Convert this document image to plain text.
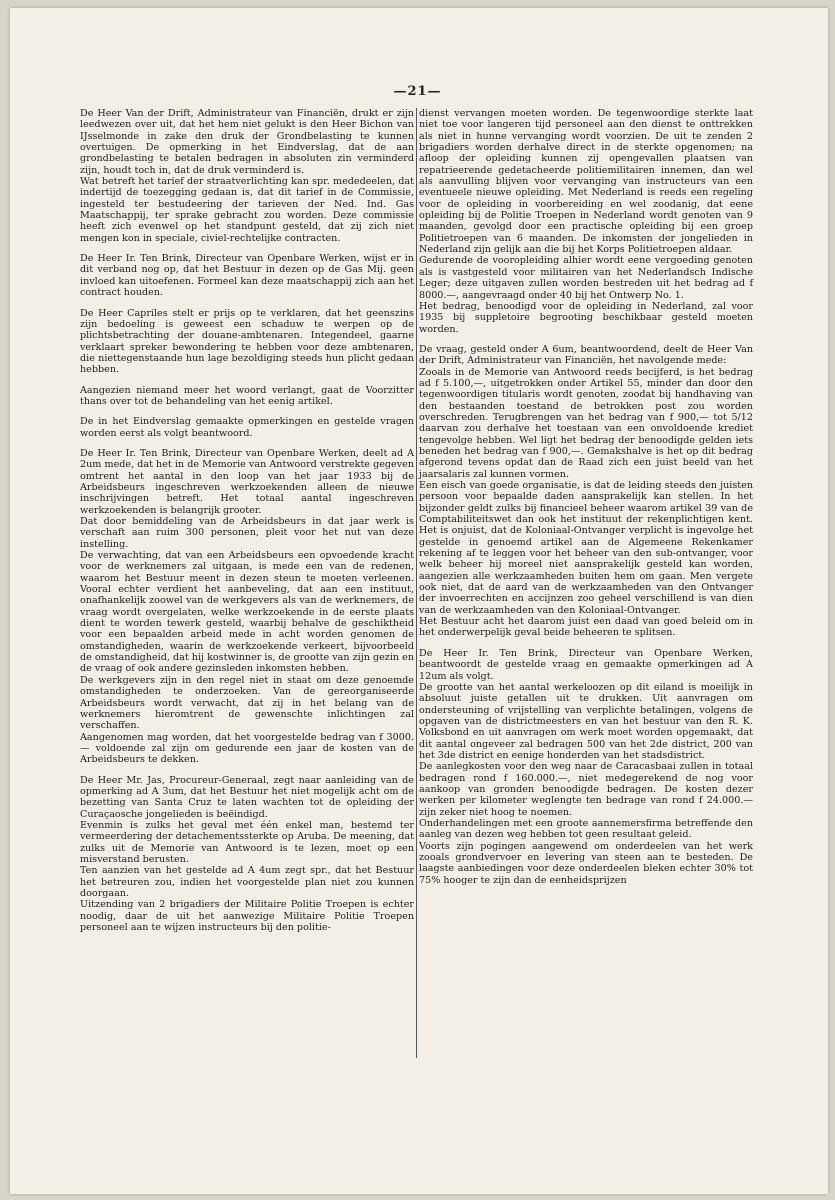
—21—

De Heer Van der Drift, Administrateur van Financiën, drukt er zijn leedwezen over uit, dat het hem niet gelukt is den Heer Bichon van IJsselmonde in zake den druk der Grondbelasting te kunnen overtuigen. De opmerking in het Eindverslag, dat de aan grondbelasting te betalen bedragen in absoluten zin verminderd zijn, houdt toch in, dat de druk verminderd is.

Wat betreft het tarief der straatverlichting kan spr. mededeelen, dat indertijd de toezegging gedaan is, dat dit tarief in de Commissie, ingesteld ter bestudeering der tarieven der Ned. Ind. Gas Maatschappij, ter sprake gebracht zou worden. Deze commissie heeft zich evenwel op het standpunt gesteld, dat zij zich niet mengen kon in speciale, civiel-rechtelijke contracten.

De Heer Ir. Ten Brink, Directeur van Openbare Werken, wijst er in dit verband nog op, dat het Bestuur in dezen op de Gas Mij. geen invloed kan uitoefenen. Formeel kan deze maatschappij zich aan het contract houden.

De Heer Capriles stelt er prijs op te verklaren, dat het geenszins zijn bedoeling is geweest een schaduw te werpen op de plichtsbetrachting der douane-ambtenaren. Integendeel, gaarne verklaart spreker bewondering te hebben voor deze ambtenaren, die niettegenstaande hun lage bezoldiging steeds hun plicht gedaan hebben.

Aangezien niemand meer het woord verlangt, gaat de Voorzitter thans over tot de behandeling van het eenig artikel.

De in het Eindverslag gemaakte opmerkingen en gestelde vragen worden eerst als volgt beantwoord.

De Heer Ir. Ten Brink, Directeur van Openbare Werken, deelt ad A 2um mede, dat het in de Memorie van Antwoord verstrekte gegeven omtrent het aantal in den loop van het jaar 1933 bij de Arbeidsbeurs ingeschreven werkzoekenden alleen de nieuwe inschrijvingen betreft. Het totaal aantal ingeschreven werkzoekenden is belangrijk grooter.

Dat door bemiddeling van de Arbeidsbeurs in dat jaar werk is verschaft aan ruim 300 personen, pleit voor het nut van deze instelling.

De verwachting, dat van een Arbeidsbeurs een opvoedende kracht voor de werknemers zal uitgaan, is mede een van de redenen, waarom het Bestuur meent in dezen steun te moeten verleenen. Vooral echter verdient het aanbeveling, dat aan een instituut, onafhankelijk zoowel van de werkgevers als van de werknemers, de vraag wordt overgelaten, welke werkzoekende in de eerste plaats dient te worden tewerk gesteld, waarbij behalve de geschiktheid voor een bepaalden arbeid mede in acht worden genomen de omstandigheden, waarin de werkzoekende verkeert, bijvoorbeeld de omstandigheid, dat hij kostwinner is, de grootte van zijn gezin en de vraag of ook andere gezinsleden inkomsten hebben.

De werkgevers zijn in den regel niet in staat om deze genoemde omstandigheden te onderzoeken. Van de gereorganiseerde Arbeidsbeurs wordt verwacht, dat zij in het belang van de werknemers hieromtrent de gewenschte inlichtingen zal verschaffen.

Aangenomen mag worden, dat het voorgestelde bedrag van f 3000.— voldoende zal zijn om gedurende een jaar de kosten van de Arbeidsbeurs te dekken.

De Heer Mr. Jas, Procureur-Generaal, zegt naar aanleiding van de opmerking ad A 3um, dat het Bestuur het niet mogelijk acht om de bezetting van Santa Cruz te laten wachten tot de opleiding der Curaçaosche jongelieden is beëindigd.

Evenmin is zulks het geval met één enkel man, bestemd ter vermeerdering der detachementssterkte op Aruba. De meening, dat zulks uit de Memorie van Antwoord is te lezen, moet op een misverstand berusten.

Ten aanzien van het gestelde ad A 4um zegt spr., dat het Bestuur het betreuren zou, indien het voorgestelde plan niet zou kunnen doorgaan.

Uitzending van 2 brigadiers der Militaire Politie Troepen is echter noodig, daar de uit het aanwezige Militaire Politie Troepen personeel aan te wijzen instructeurs bij den politie-

dienst vervangen moeten worden. De tegenwoordige sterkte laat niet toe voor langeren tijd personeel aan den dienst te onttrekken als niet in hunne vervanging wordt voorzien. De uit te zenden 2 brigadiers worden derhalve direct in de sterkte opgenomen; na afloop der opleiding kunnen zij opengevallen plaatsen van repatrieerende gedetacheerde politiemilitairen innemen, dan wel als aanvulling blijven voor vervanging van instructeurs van een eventueele nieuwe opleiding. Met Nederland is reeds een regeling voor de opleiding in voorbereiding en wel zoodanig, dat eene opleiding bij de Politie Troepen in Nederland wordt genoten van 9 maanden, gevolgd door een practische opleiding bij een groep Politietroepen van 6 maanden. De inkomsten der jongelieden in Nederland zijn gelijk aan die bij het Korps Politietroepen aldaar.

Gedurende de vooropleiding alhier wordt eene vergoeding genoten als is vastgesteld voor militairen van het Nederlandsch Indische Leger; deze uitgaven zullen worden bestreden uit het bedrag ad f 8000.—, aangevraagd onder 40 bij het Ontwerp No. 1.

Het bedrag, benoodigd voor de opleiding in Nederland, zal voor 1935 bij suppletoire begrooting beschikbaar gesteld moeten worden.

De vraag, gesteld onder A 6um, beantwoordend, deelt de Heer Van der Drift, Administrateur van Financiën, het navolgende mede:

Zooals in de Memorie van Antwoord reeds becijferd, is het bedrag ad f 5.100,—, uitgetrokken onder Artikel 55, minder dan door den tegenwoordigen titularis wordt genoten, zoodat bij handhaving van den bestaanden toestand de betrokken post zou worden overschreden. Terugbrengen van het bedrag van f 900,— tot 5/12 daarvan zou derhalve het toestaan van een onvoldoende krediet tengevolge hebben. Wel ligt het bedrag der benoodigde gelden iets beneden het bedrag van f 900,—. Gemakshalve is het op dit bedrag afgerond tevens opdat dan de Raad zich een juist beeld van het jaarsalaris zal kunnen vormen.

Een eisch van goede organisatie, is dat de leiding steeds den juisten persoon voor bepaalde daden aansprakelijk kan stellen. In het bijzonder geldt zulks bij financieel beheer waarom artikel 39 van de Comptabiliteitswet dan ook het instituut der rekenplichtigen kent. Het is onjuist, dat de Koloniaal-Ontvanger verplicht is ingevolge het gestelde in genoemd artikel aan de Algemeene Rekenkamer rekening af te leggen voor het beheer van den sub-ontvanger, voor welk beheer hij moreel niet aansprakelijk gesteld kan worden, aangezien alle werkzaamheden buiten hem om gaan. Men vergete ook niet, dat de aard van de werkzaamheden van den Ontvanger der invoerrechten en accijnzen zoo geheel verschillend is van dien van de werkzaamheden van den Koloniaal-Ontvanger.

Het Bestuur acht het daarom juist een daad van goed beleid om in het onderwerpelijk geval beide beheeren te splitsen.

De Heer Ir. Ten Brink, Directeur van Openbare Werken, beantwoordt de gestelde vraag en gemaakte opmerkingen ad A 12um als volgt.

De grootte van het aantal werkeloozen op dit eiland is moeilijk in absoluut juiste getallen uit te drukken. Uit aanvragen om ondersteuning of vrijstelling van verplichte betalingen, volgens de opgaven van de districtmeesters en van het bestuur van den R. K. Volksbond en uit aanvragen om werk moet worden opgemaakt, dat dit aantal ongeveer zal bedragen 500 van het 2de district, 200 van het 3de district en eenige honderden van het stadsdistrict.

De aanlegkosten voor den weg naar de Caracasbaai zullen in totaal bedragen rond f 160.000.—, niet medegerekend de nog voor aankoop van gronden benoodigde bedragen. De kosten dezer werken per kilometer weglengte ten bedrage van rond f 24.000.— zijn zeker niet hoog te noemen.

Onderhandelingen met een groote aannemersfirma betreffende den aanleg van dezen weg hebben tot geen resultaat geleid.

Voorts zijn pogingen aangewend om onderdeelen van het werk zooals grondvervoer en levering van steen aan te besteden. De laagste aanbiedingen voor deze onderdeelen bleken echter 30% tot 75% hooger te zijn dan de eenheidsprijzen
